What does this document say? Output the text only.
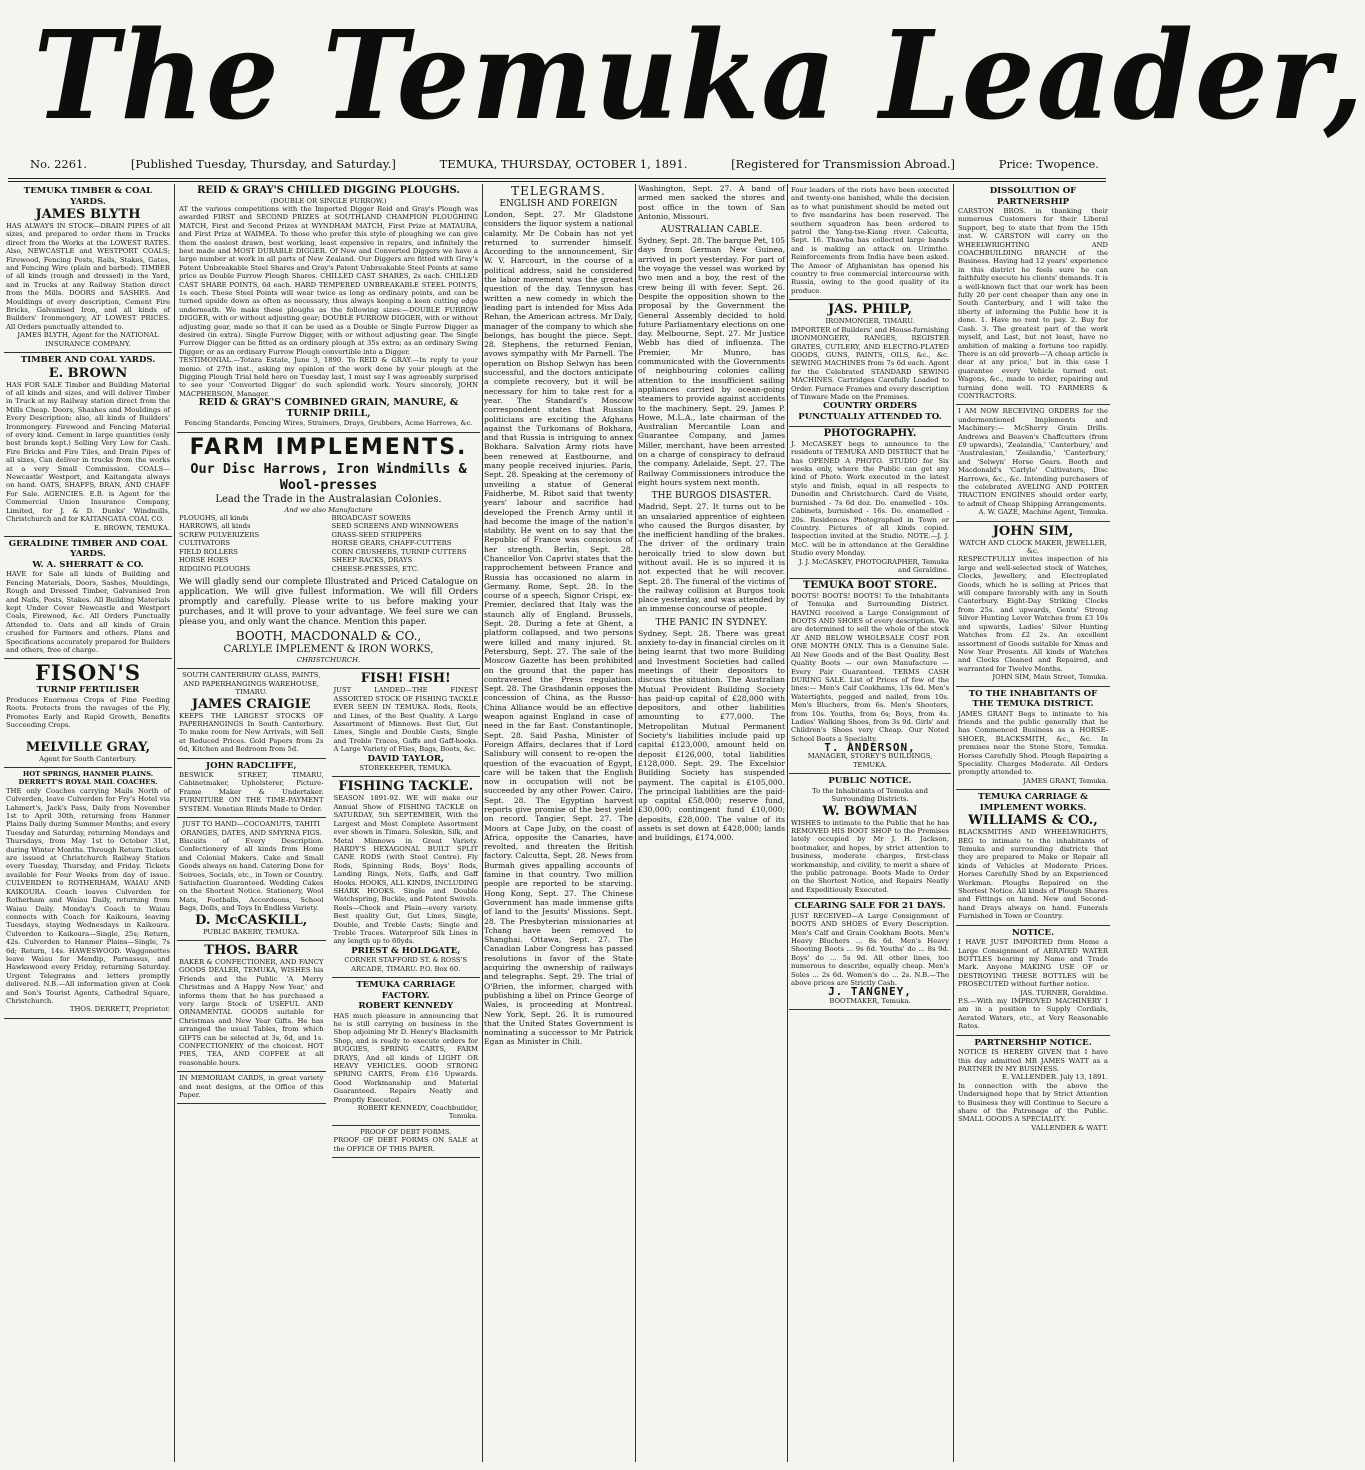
The Temuka Leader,
No. 2261.	[Published Tuesday, Thursday, and Saturday.]	TEMUKA, THURSDAY, OCTOBER 1, 1891.	[Registered for Transmission Abroad.]	Price: Twopence.
TEMUKA TIMBER & COAL YARDS.
JAMES BLYTH
HAS ALWAYS IN STOCK—DRAIN PIPES of all sizes, and prepared to order them in Trucks direct from the Works at the LOWEST RATES. Also, NEWCASTLE and WESTPORT COALS; Firewood, Fencing Posts, Rails, Stakes, Gates, and Fencing Wire (plain and barbed). TIMBER of all kinds (rough and dressed) in the Yard, and in Trucks at any Railway Station direct from the Mills. DOORS and SASHES. And Mouldings of every description, Cement Fire Bricks, Galvanised Iron, and all kinds of Builders' Ironmongery, AT LOWEST PRICES. All Orders punctually attended to.
JAMES BLYTH, Agent for the NATIONAL INSURANCE COMPANY.
TIMBER AND COAL YARDS.
E. BROWN
HAS FOR SALE Timber and Building Material of all kinds and sizes, and will deliver Timber in Truck at my Railway station direct from the Mills Cheap. Doors, Shashes and Mouldings of Every Description; also, all kinds of Builders' Ironmongery. Firewood and Fencing Material of every kind. Cement in large quantities (only best brands kept.) Selling Very Low for Cash. Fire Bricks and Fire Tiles, and Drain Pipes of all sizes, Can deliver in trucks from the works at a very Small Commission. COALS—Newcastle' Westport, and Kaitangata always on hand. OATS, SHAFFS, BRAN, AND CHAFF For Sale. AGENCIES. E.B. is Agent for the Commercial Union Insurance Company, Limited, for J. & D. Dunks' Windmills, Christchurch and for KAITANGATA COAL CO.
E. BROWN, TEMUKA.
GERALDINE TIMBER AND COAL YARDS.
W. A. SHERRATT & CO.
HAVE for Sale all kinds of Building and Fencing Materials, Doors, Sashes, Mouldings, Rough and Dressed Timber, Galvanised Iron and Nails, Posts, Stakes. All Building Materials kept Under Cover Newcastle and Westport Coals, Firewood, &c. All Orders Punctually Attended to. Oats and all kinds of Grain crushed for Farmers and others. Plans and Specifications accurately prepared for Builders and others, free of charge.
FISON'S
TURNIP FERTILISER
Produces Enormous Crops of Fine Feeding Roots. Protects from the ravages of the Fly, Promotes Early and Rapid Growth, Benefits Succeeding Crops.
MELVILLE GRAY,
Agent for South Canterbury.
HOT SPRINGS, HANMER PLAINS. DERRETT'S ROYAL MAIL COACHES.
THE only Coaches carrying Mails North of Culverden, leave Culverden for Fry's Hotel via Lahmert's, Jack's Pass, Daily from November 1st to April 30th, returning from Hanmer Plains Daily during Summer Months; and every Tuesday and Saturday, returning Mondays and Thursdays, from May 1st to October 31st, during Winter Months. Through Return Tickets are issued at Christchurch Railway Station every Tuesday, Thursday, and Friday. Tickets available for Four Weeks from day of issue. CULVERDEN to ROTHERHAM, WAIAU AND KAIKOURA. Coach leaves Culverden for Rotherham and Waiau Daily, returning from Waiau Daily. Monday's Coach to Waiau connects with Coach for Kaikoura, leaving Tuesdays, staying Wednesdays in Kaikoura. Culverden to Kaikoura—Single, 25s; Return, 42s. Culverden to Hanmer Plains—Single, 7s 6d; Return, 14s. HAWESWOOD. Waggonettes leave Waiau for Mendip, Parnassus, and Hawkswood every Friday, returning Saturday. Urgent Telegrams and letters promptly delivered. N.B.—All information given at Cook and Son's Tourist Agents, Cathedral Square, Christchurch.
THOS. DERRETT, Proprietor.
REID & GRAY'S CHILLED DIGGING PLOUGHS.
(DOUBLE OR SINGLE FURROW.)
AT the various competitions with the Imported Digger Reid and Gray's Plough was awarded FIRST and SECOND PRIZES at SOUTHLAND CHAMPION PLOUGHING MATCH, First and Second Prizes at WYNDHAM MATCH, First Prize at MATAURA, and First Prize at WAIMEA. To those who prefer this style of ploughing we can give them the easiest drawn, best working, least expensive in repairs, and infinitely the best made and MOST DURABLE DIGGER. Of New and Converted Diggers we have a large number at work in all parts of New Zealand. Our Diggers are fitted with Gray's Patent Unbreakable Steel Shares and Gray's Patent Unbreakable Steel Points at same price as Double Furrow Plough Shares. CHILLED CAST SHARES, 2s each. CHILLED CAST SHARE POINTS, 6d each. HARD TEMPERED UNBREAKABLE STEEL POINTS, 1s each. These Steel Points will wear twice as long as ordinary points, and can be turned upside down as often as necessary, thus always keeping a keen cutting edge underneath. We make these ploughs as the following sizes:—DOUBLE FURROW DIGGER, with or without adjusting gear; DOUBLE FURROW DIGGER, with or without adjusting gear, made so that it can be used as a Double or Single Furrow Digger as desired (in extra). Single Furrow Digger, with or without adjusting gear. The Single Furrow Digger can be fitted as an ordinary plough at 35s extra; as an ordinary Swing Digger; or as an ordinary Furrow Plough convertible into a Digger.
TESTIMONIAL.—Totara Estate, June 3, 1890. To REID & GRAY.—In reply to your memo. of 27th inst., asking my opinion of the work done by your plough at the Digging Plough Trial held here on Tuesday last, I must say I was agreeably surprised to see your 'Converted Digger' do such splendid work. Yours sincerely, JOHN MACPHERSON, Manager.
REID & GRAY'S COMBINED GRAIN, MANURE, & TURNIP DRILL,
Fencing Standards, Fencing Wires, Strainers, Drays, Grubbers, Acme Harrows, &c.
FARM IMPLEMENTS.
Our Disc Harrows, Iron Windmills & Wool-presses
Lead the Trade in the Australasian Colonies.
And we also Manufacture
PLOUGHS, all kinds
HARROWS, all kinds
SCREW PULVERIZERS
CULTIVATORS
FIELD ROLLERS
HORSE HOES
RIDGING PLOUGHS
BROADCAST SOWERS
SEED SCREENS AND WINNOWERS
GRASS-SEED STRIPPERS
HORSE GEARS, CHAFF-CUTTERS
CORN CRUSHERS, TURNIP CUTTERS
SHEEP RACKS, DRAYS
CHEESE-PRESSES, ETC.
We will gladly send our complete Illustrated and Priced Catalogue on application. We will give fullest information. We will fill Orders promptly and carefully. Please write to us before making your purchases, and it will prove to your advantage. We feel sure we can please you, and only want the chance. Mention this paper.
BOOTH, MACDONALD & CO.,
CARLYLE IMPLEMENT & IRON WORKS,
CHRISTCHURCH.
SOUTH CANTERBURY GLASS, PAINTS, AND PAPERHANGINGS WAREHOUSE, TIMARU.
JAMES CRAIGIE
KEEPS THE LARGEST STOCKS OF PAPERHANGINGS In South Canterbury. To make room for New Arrivals, will Sell at Reduced Prices. Gold Papers from 2s 6d, Kitchen and Bedroom from 5d.
JOHN RADCLIFFE,
BESWICK STREET, TIMARU, Cabinetmaker, Upholsterer, Picture-Frame Maker & Undertaker. FURNITURE ON THE TIME-PAYMENT SYSTEM. Venetian Blinds Made to Order.
JUST TO HAND—COCOANUTS, TAHITI ORANGES, DATES, AND SMYRNA FIGS.
Biscuits of Every Description. Confectionery of all kinds from Home and Colonial Makers. Cake and Small Goods always on hand. Catering Done for Soirees, Socials, etc., in Town or Country. Satisfaction Guaranteed. Wedding Cakes on the Shortest Notice. Stationery, Wool Mats, Footballs, Accordeons, School Bags, Dolls, and Toys In Endless Variety.
D. McCASKILL,
PUBLIC BAKERY, TEMUKA.
THOS. BARR
BAKER & CONFECTIONER, AND FANCY GOODS DEALER, TEMUKA, WISHES his Friends and the Public 'A Merry Christmas and A Happy New Year,' and informs them that he has purchased a very large Stock of USEFUL AND ORNAMENTAL GOODS suitable for Christmas and New Year Gifts. He has arranged the usual Tables, from which GIFTS can be selected at 3s, 6d, and 1s. CONFECTIONERY of the choicest. HOT PIES, TEA, AND COFFEE at all reasonable hours.
IN MEMORIAM CARDS, in great variety and neat designs, at the Office of this Paper.
FISH! FISH!
JUST LANDED—THE FINEST ASSORTED STOCK OF FISHING TACKLE EVER SEEN IN TEMUKA. Rods, Reels, and Lines, of the Best Quality. A Large Assortment of Minnows. Best Gut, Gut Lines, Single and Double Casts, Single and Treble Traces, Gaffs and Gaff-hooks. A Large Variety of Flies, Bags, Boots, &c.
DAVID TAYLOR,
STOREKEEPER, TEMUKA.
FISHING TACKLE.
SEASON 1891-92. WE will make our Annual Show of FISHING TACKLE on SATURDAY, 5th SEPTEMBER, With the Largest and Most Complete Assortment ever shown in Timaru. Soleskin, Silk, and Metal Minnows in Great Variety. HARDY'S HEXAGONAL BUILT SPLIT CANE RODS (with Steel Centre). Fly Rods, Spinning Rods, Boys' Rods, Landing Rings, Nets, Gaffs, and Gaff Hooks. HOOKS, ALL KINDS, INCLUDING SHARK HOOKS. Single and Double Watchspring, Buckle, and Patent Swivels. Reels—Check and Plain—every variety. Best quality Gut, Gut Lines, Single, Double, and Treble Casts; Single and Treble Traces. Waterproof Silk Lines in any length up to 60yds.
PRIEST & HOLDGATE,
CORNER STAFFORD ST. & ROSS'S ARCADE, TIMARU. P.O. Box 60.
TEMUKA CARRIAGE FACTORY.
ROBERT KENNEDY
HAS much pleasure in announcing that he is still carrying on business in the Shop adjoining Mr D. Henry's Blacksmith Shop, and is ready to execute orders for BUGGIES, SPRING CARTS, FARM DRAYS, And all kinds of LIGHT OR HEAVY VEHICLES. GOOD STRONG SPRING CARTS, From £16 Upwards. Good Workmanship and Material Guaranteed. Repairs Neatly and Promptly Executed.
ROBERT KENNEDY, Coachbuilder, Temuka.
PROOF OF DEBT FORMS.
PROOF OF DEBT FORMS ON SALE at the OFFICE OF THIS PAPER.
TELEGRAMS.
ENGLISH AND FOREIGN
London, Sept. 27. Mr Gladstone considers the liquor system a national calamity. Mr De Cobain has not yet returned to surrender himself. According to the announcement, Sir W. V. Harcourt, in the course of a political address, said he considered the labor movement was the greatest question of the day. Tennyson has written a new comedy in which the leading part is intended for Miss Ada Rehan, the American actress. Mr Daly, manager of the company to which she belongs, has bought the piece. Sept. 28. Stephens, the returned Fenian, avows sympathy with Mr Parnell. The operation on Bishop Selwyn has been successful, and the doctors anticipate a complete recovery, but it will be necessary for him to take rest for a year. The Standard's Moscow correspondent states that Russian politicians are exciting the Afghans against the Turkomans of Bokhara, and that Russia is intriguing to annex Bokhara. Salvation Army riots have been renewed at Eastbourne, and many people received injuries. Paris, Sept. 28. Speaking at the ceremony of unveiling a statue of General Faidherbe, M. Ribot said that twenty years' labour and sacrifice had developed the French Army until it had become the image of the nation's stability. He went on to say that the Republic of France was conscious of her strength. Berlin, Sept. 28. Chancellor Von Caprivi states that the rapprochement between France and Russia has occasioned no alarm in Germany. Rome, Sept. 28. In the course of a speech, Signor Crispi, ex-Premier, declared that Italy was the staunch ally of England. Brussels, Sept. 28. During a fete at Ghent, a platform collapsed, and two persons were killed and many injured. St. Petersburg, Sept. 27. The sale of the Moscow Gazette has been prohibited on the ground that the paper has contravened the Press regulation. Sept. 28. The Grashdanin opposes the concession of China, as the Russo-China Alliance would be an effective weapon against England in case of need in the far East. Constantinople, Sept. 28. Said Pasha, Minister of Foreign Affairs, declares that if Lord Salisbury will consent to re-open the question of the evacuation of Egypt, care will be taken that the English now in occupation will not be succeeded by any other Power. Cairo, Sept. 28. The Egyptian harvest reports give promise of the best yield on record. Tangier, Sept. 27. The Moors at Cape Juby, on the coast of Africa, opposite the Canaries, have revolted, and threaten the British factory. Calcutta, Sept. 28. News from Burmah gives appalling accounts of famine in that country. Two million people are reported to be starving. Hong Kong, Sept. 27. The Chinese Government has made immense gifts of land to the Jesuits' Missions. Sept. 28. The Presbyterian missionaries at Tchang have been removed to Shanghai. Ottawa, Sept. 27. The Canadian Labor Congress has passed resolutions in favor of the State acquiring the ownership of railways and telegraphs. Sept. 29. The trial of O'Brien, the informer, charged with publishing a libel on Prince George of Wales, is proceeding at Montreal. New York, Sept. 26. It is rumoured that the United States Government is nominating a successor to Mr Patrick Egan as Minister in Chili.
Washington, Sept. 27. A band of armed men sacked the stores and post office in the town of San Antonio, Missouri.
AUSTRALIAN CABLE.
Sydney, Sept. 28. The barque Pet, 105 days from German New Guinea, arrived in port yesterday. For part of the voyage the vessel was worked by two men and a boy, the rest of the crew being ill with fever. Sept. 26. Despite the opposition shown to the proposal by the Government the General Assembly decided to hold future Parliamentary elections on one day. Melbourne, Sept. 27. Mr Justice Webb has died of influenza. The Premier, Mr Munro, has communicated with the Governments of neighbouring colonies calling attention to the insufficient sailing appliances carried by ocean-going steamers to provide against accidents to the machinery. Sept. 29. James P. Howe, M.L.A., late chairman of the Australian Mercantile Loan and Guarantee Company, and James Miller, merchant, have been arrested on a charge of conspiracy to defraud the company. Adelaide, Sept. 27. The Railway Commissioners introduce the eight hours system next month.
THE BURGOS DISASTER.
Madrid, Sept. 27. It turns out to be an unsalaried apprentice of eighteen who caused the Burgos disaster, by the inefficient handling of the brakes. The driver of the ordinary train heroically tried to slow down but without avail. He is so injured it is not expected that he will recover. Sept. 28. The funeral of the victims of the railway collision at Burgos took place yesterday, and was attended by an immense concourse of people.
THE PANIC IN SYDNEY.
Sydney, Sept. 28. There was great anxiety to-day in financial circles on it being learnt that two more Building and Investment Societies had called meetings of their depositors to discuss the situation. The Australian Mutual Provident Building Society has paid-up capital of £28,000 with depositors, and other liabilities amounting to £77,000. The Metropolitan Mutual Permanent Society's liabilities include paid up capital £123,000, amount held on deposit £126,000, total liabilities £128,000. Sept. 29. The Excelsior Building Society has suspended payment. The capital is £105,000. The principal liabilities are the paid-up capital £58,000; reserve fund, £30,000; contingent fund £10,000; deposits, £28,000. The value of its assets is set down at £428,000; lands and buildings, £174,000.
Four leaders of the riots have been executed and twenty-one banished, while the decision as to what punishment should be meted out to five mandarins has been reserved. The southern squadron has been ordered to patrol the Yang-tse-Kiang river. Calcutta, Sept. 16. Thawba has collected large bands and is making an attack on Urimtho. Reinforcements from India have been asked. The Ameer of Afghanistan has opened his country to free commercial intercourse with Russia, owing to the good quality of its produce.
JAS. PHILP,
IRONMONGER, TIMARU.
IMPORTER of Builders' and House-furnishing IRONMONGERY, RANGES, REGISTER GRATES, CUTLERY, AND ELECTRO-PLATED GOODS, GUNS, PAINTS, OILS, &c., &c. SEWING MACHINES from 7s 6d each. Agent for the Celebrated STANDARD SEWING MACHINES. Cartridges Carefully Loaded to Order. Furnace Frames and every description of Tinware Made on the Premises.
COUNTRY ORDERS PUNCTUALLY ATTENDED TO.
PHOTOGRAPHY.
J. McCASKEY begs to announce to the residents of TEMUKA AND DISTRICT that he has OPENED A PHOTO. STUDIO for Six weeks only, where the Public can get any kind of Photo. Work executed in the latest style and finish, equal in all respects to Dunedin and Christchurch. Card de Visite, burnished - 7s 6d doz. Do. enamelled - 10s. Cabinets, burnished - 16s. Do. enamelled - 20s. Residences Photographed in Town or Country. Pictures of all kinds copied. Inspection invited at the Studio. NOTE.—J. J. McC. will be in attendance at the Geraldine Studio every Monday.
J. J. McCASKEY, PHOTOGRAPHER, Temuka and Geraldine.
TEMUKA BOOT STORE.
BOOTS! BOOTS! BOOTS! To the Inhabitants of Temuka and Surrounding District. HAVING received a Large Consignment of BOOTS AND SHOES of every description. We are determined to sell the whole of the stock AT AND BELOW WHOLESALE COST FOR ONE MONTH ONLY. This is a Genuine Sale. All New Goods and of the Best Quality. Best Quality Boots — our own Manufacture — Every Pair Guaranteed. TERMS CASH DURING SALE. List of Prices of few of the lines:— Men's Calf Cookhams, 13s 6d. Men's Watertights, pegged and nailed, from 10s. Men's Bluchers, from 6s. Men's Shooters, from 10s. Youths, from 6s; Boys, from 4s. Ladies' Walking Shoes, from 3s 9d. Girls' and Children's Shoes very Cheap. Our Noted School Boots a Specialty.
T. ANDERSON,
MANAGER, STOREY'S BUILDINGS, TEMUKA.
PUBLIC NOTICE.
To the Inhabitants of Temuka and Surrounding Districts.
W. BOWMAN
WISHES to intimate to the Public that he has REMOVED HIS BOOT SHOP to the Premises lately occupied by Mr J. H. Jackson, bootmaker, and hopes, by strict attention to business, moderate charges, first-class workmanship, and civility, to merit a share of the public patronage. Boots Made to Order on the Shortest Notice, and Repairs Neatly and Expeditiously Executed.
CLEARING SALE FOR 21 DAYS.
JUST RECEIVED—A Large Consignment of BOOTS AND SHOES of Every Description. Men's Calf and Grain Cookham Boots. Men's Heavy Bluchers ... 8s 6d. Men's Heavy Shooting Boots ... 9s 6d. Youths' do ... 8s 9d. Boys' do ... 5s 9d. All other lines, too numerous to describe, equally cheap. Men's Soles ... 2s 6d. Women's do ... 2s. N.B.—The above prices are Strictly Cash.
J. TANGNEY,
BOOTMAKER, Temuka.
DISSOLUTION OF PARTNERSHIP
CARSTON BROS. in thanking their numerous Customers for their Liberal Support, beg to state that from the 15th inst. W. CARSTON will carry on the WHEELWRIGHTING AND COACHBUILDING BRANCH of the Business. Having had 12 years' experience in this district he feels sure he can faithfully execute his clients' demands. It is a well-known fact that our work has been fully 20 per cent cheaper than any one in South Canterbury, and I will take the liberty of informing the Public how it is done. 1. Have no rent to pay. 2. Buy for Cash. 3. The greatest part of the work myself, and Last, but not least, have no ambition of making a fortune too rapidly. There is an old proverb—'A cheap article is dear at any price,' but in this case I guarantee every Vehicle turned out. Wagons, &c., made to order, repairing and turning done well. TO FARMERS & CONTRACTORS.
I AM NOW RECEIVING ORDERS for the undermentioned Implements and Machinery:— McSherry Grain Drills. Andrews and Beaven's Chaffcutters (from £9 upwards), 'Zealandia,' 'Canterbury,' and 'Australasian,' 'Zealandia,' 'Canterbury,' and 'Selwyn' Horse Gears. Booth and Macdonald's 'Carlyle' Cultivators, Disc Harrows, &c., &c. Intending purchasers of the celebrated AVELING AND PORTER TRACTION ENGINES should order early, to admit of Cheap Shipping Arrangements.
A. W. GAZE, Machine Agent, Temuka.
JOHN SIM,
WATCH AND CLOCK MAKER, JEWELLER, &c.
RESPECTFULLY invites inspection of his large and well-selected stock of Watches, Clocks, Jewellery, and Electroplated Goods, which he is selling at Prices that will compare favorably with any in South Canterbury. Eight-Day Striking Clocks from 25s. and upwards, Gents' Strong Silver Hunting Lever Watches from £3 10s and upwards, Ladies' Silver Hunting Watches from £2 2s. An excellent assortment of Goods suitable for Xmas and New Year Presents. All kinds of Watches and Clocks Cleaned and Repaired, and warranted for Twelve Months.
JOHN SIM, Main Street, Temuka.
TO THE INHABITANTS OF THE TEMUKA DISTRICT.
JAMES GRANT Begs to intimate to his friends and the public generally that he has Commenced Business as a HORSE-SHOER, BLACKSMITH, &c., &c. In premises near the Stone Store, Temuka. Horses Carefully Shod. Plough Repairing a Speciality. Charges Moderate. All Orders promptly attended to.
JAMES GRANT, Temuka.
TEMUKA CARRIAGE & IMPLEMENT WORKS.
WILLIAMS & CO.,
BLACKSMITHS AND WHEELWRIGHTS, BEG to intimate to the inhabitants of Temuka and surrounding districts that they are prepared to Make or Repair all kinds of Vehicles at Moderate Prices. Horses Carefully Shod by an Experienced Workman. Ploughs Repaired on the Shortest Notice. All kinds of Plough Shares and Fittings on hand. New and Second-hand Drays always on hand. Funerals Furnished in Town or Country.
NOTICE.
I HAVE JUST IMPORTED from Home a Large Consignment of AERATED WATER BOTTLES bearing my Name and Trade Mark. Anyone MAKING USE OF or DESTROYING THESE BOTTLES will be PROSECUTED without further notice.
JAS. TURNER, Geraldine.
P.S.—With my IMPROVED MACHINERY I am in a position to Supply Cordials, Aerated Waters, etc., at Very Reasonable Rates.
PARTNERSHIP NOTICE.
NOTICE IS HEREBY GIVEN that I have this day admitted MR JAMES WATT as a PARTNER IN MY BUSINESS.
E. VALLENDER. July 13, 1891.
In connection with the above the Undersigned hope that by Strict Attention to Business they will Continue to Secure a share of the Patronage of the Public. SMALL GOODS A SPECIALITY.
VALLENDER & WATT.
